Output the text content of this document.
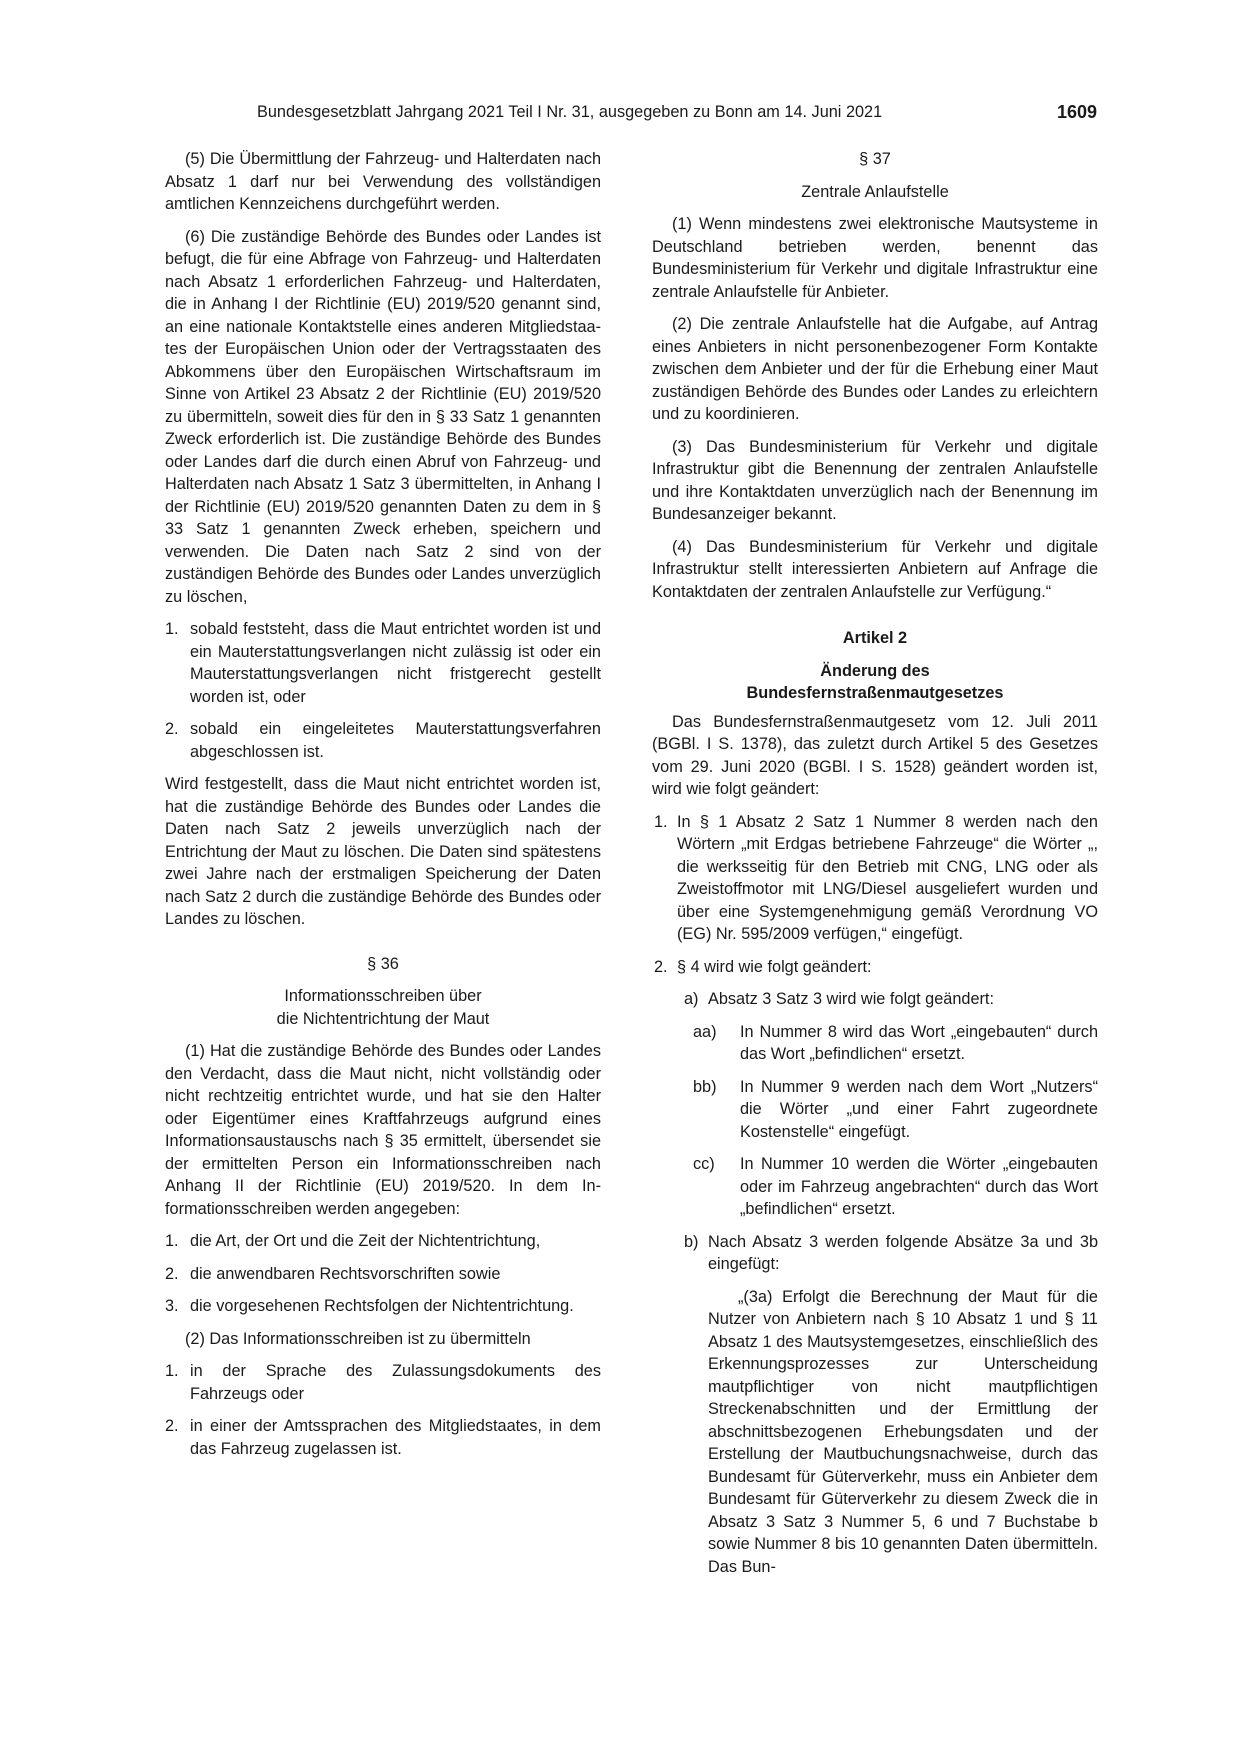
Bundesgesetzblatt Jahrgang 2021 Teil I Nr. 31, ausgegeben zu Bonn am 14. Juni 2021	1609

(5) Die Übermittlung der Fahrzeug- und Halterdaten nach Absatz 1 darf nur bei Verwendung des vollständigen amtlichen Kennzeichens durchgeführt werden.

(6) Die zuständige Behörde des Bundes oder Landes ist befugt, die für eine Abfrage von Fahrzeug- und Halterdaten nach Absatz 1 erforderlichen Fahrzeug- und Halterdaten, die in Anhang I der Richtlinie (EU) 2019/520 genannt sind, an eine nationale Kontaktstelle eines anderen Mitgliedstaates der Europäischen Union oder der Vertragsstaaten des Abkommens über den Europäischen Wirtschaftsraum im Sinne von Artikel 23 Absatz 2 der Richtlinie (EU) 2019/520 zu übermitteln, soweit dies für den in § 33 Satz 1 genannten Zweck erforderlich ist. Die zuständige Behörde des Bundes oder Landes darf die durch einen Abruf von Fahrzeug- und Halterdaten nach Absatz 1 Satz 3 übermittelten, in Anhang I der Richtlinie (EU) 2019/520 genannten Daten zu dem in § 33 Satz 1 genannten Zweck erheben, speichern und verwenden. Die Daten nach Satz 2 sind von der zuständigen Behörde des Bundes oder Landes unverzüglich zu löschen,

1. sobald feststeht, dass die Maut entrichtet worden ist und ein Mauterstattungsverlangen nicht zulässig ist oder ein Mauterstattungsverlangen nicht fristgerecht gestellt worden ist, oder
2. sobald ein eingeleitetes Mauterstattungsverfahren abgeschlossen ist.

Wird festgestellt, dass die Maut nicht entrichtet worden ist, hat die zuständige Behörde des Bundes oder Landes die Daten nach Satz 2 jeweils unverzüglich nach der Entrichtung der Maut zu löschen. Die Daten sind spätestens zwei Jahre nach der erstmaligen Speicherung der Daten nach Satz 2 durch die zuständige Behörde des Bundes oder Landes zu löschen.

§ 36

Informationsschreiben über

die Nichtentrichtung der Maut

(1) Hat die zuständige Behörde des Bundes oder Landes den Verdacht, dass die Maut nicht, nicht vollständig oder nicht rechtzeitig entrichtet wurde, und hat sie den Halter oder Eigentümer eines Kraftfahrzeugs aufgrund eines Informationsaustauschs nach § 35 ermittelt, übersendet sie der ermittelten Person ein Informationsschreiben nach Anhang II der Richtlinie (EU) 2019/520. In dem Informationsschreiben werden angegeben:

1. die Art, der Ort und die Zeit der Nichtentrichtung,
2. die anwendbaren Rechtsvorschriften sowie
3. die vorgesehenen Rechtsfolgen der Nichtentrichtung.

(2) Das Informationsschreiben ist zu übermitteln

1. in der Sprache des Zulassungsdokuments des Fahrzeugs oder
2. in einer der Amtssprachen des Mitgliedstaates, in dem das Fahrzeug zugelassen ist.

§ 37

Zentrale Anlaufstelle

(1) Wenn mindestens zwei elektronische Mautsysteme in Deutschland betrieben werden, benennt das Bundesministerium für Verkehr und digitale Infrastruktur eine zentrale Anlaufstelle für Anbieter.

(2) Die zentrale Anlaufstelle hat die Aufgabe, auf Antrag eines Anbieters in nicht personenbezogener Form Kontakte zwischen dem Anbieter und der für die Erhebung einer Maut zuständigen Behörde des Bundes oder Landes zu erleichtern und zu koordinieren.

(3) Das Bundesministerium für Verkehr und digitale Infrastruktur gibt die Benennung der zentralen Anlaufstelle und ihre Kontaktdaten unverzüglich nach der Benennung im Bundesanzeiger bekannt.

(4) Das Bundesministerium für Verkehr und digitale Infrastruktur stellt interessierten Anbietern auf Anfrage die Kontaktdaten der zentralen Anlaufstelle zur Verfügung.“

Artikel 2

Änderung des

Bundesfernstraßenmautgesetzes

Das Bundesfernstraßenmautgesetz vom 12. Juli 2011 (BGBl. I S. 1378), das zuletzt durch Artikel 5 des Gesetzes vom 29. Juni 2020 (BGBl. I S. 1528) geändert worden ist, wird wie folgt geändert:

1. In § 1 Absatz 2 Satz 1 Nummer 8 werden nach den Wörtern „mit Erdgas betriebene Fahrzeuge“ die Wörter „, die werksseitig für den Betrieb mit CNG, LNG oder als Zweistoffmotor mit LNG/Diesel ausgeliefert wurden und über eine Systemgenehmigung gemäß Verordnung VO (EG) Nr. 595/2009 verfügen,“ eingefügt.
2. § 4 wird wie folgt geändert:
a) Absatz 3 Satz 3 wird wie folgt geändert:
aa) In Nummer 8 wird das Wort „eingebauten“ durch das Wort „befindlichen“ ersetzt.
bb) In Nummer 9 werden nach dem Wort „Nutzers“ die Wörter „und einer Fahrt zugeordnete Kostenstelle“ eingefügt.
cc) In Nummer 10 werden die Wörter „eingebauten oder im Fahrzeug angebrachten“ durch das Wort „befindlichen“ ersetzt.
b) Nach Absatz 3 werden folgende Absätze 3a und 3b eingefügt:

„(3a) Erfolgt die Berechnung der Maut für die Nutzer von Anbietern nach § 10 Absatz 1 und § 11 Absatz 1 des Mautsystemgesetzes, einschließlich des Erkennungsprozesses zur Unterscheidung mautpflichtiger von nicht mautpflichtigen Streckenabschnitten und der Ermittlung der abschnittsbezogenen Erhebungsdaten und der Erstellung der Mautbuchungsnachweise, durch das Bundesamt für Güterverkehr, muss ein Anbieter dem Bundesamt für Güterverkehr zu diesem Zweck die in Absatz 3 Satz 3 Nummer 5, 6 und 7 Buchstabe b sowie Nummer 8 bis 10 genannten Daten übermitteln. Das Bun-
